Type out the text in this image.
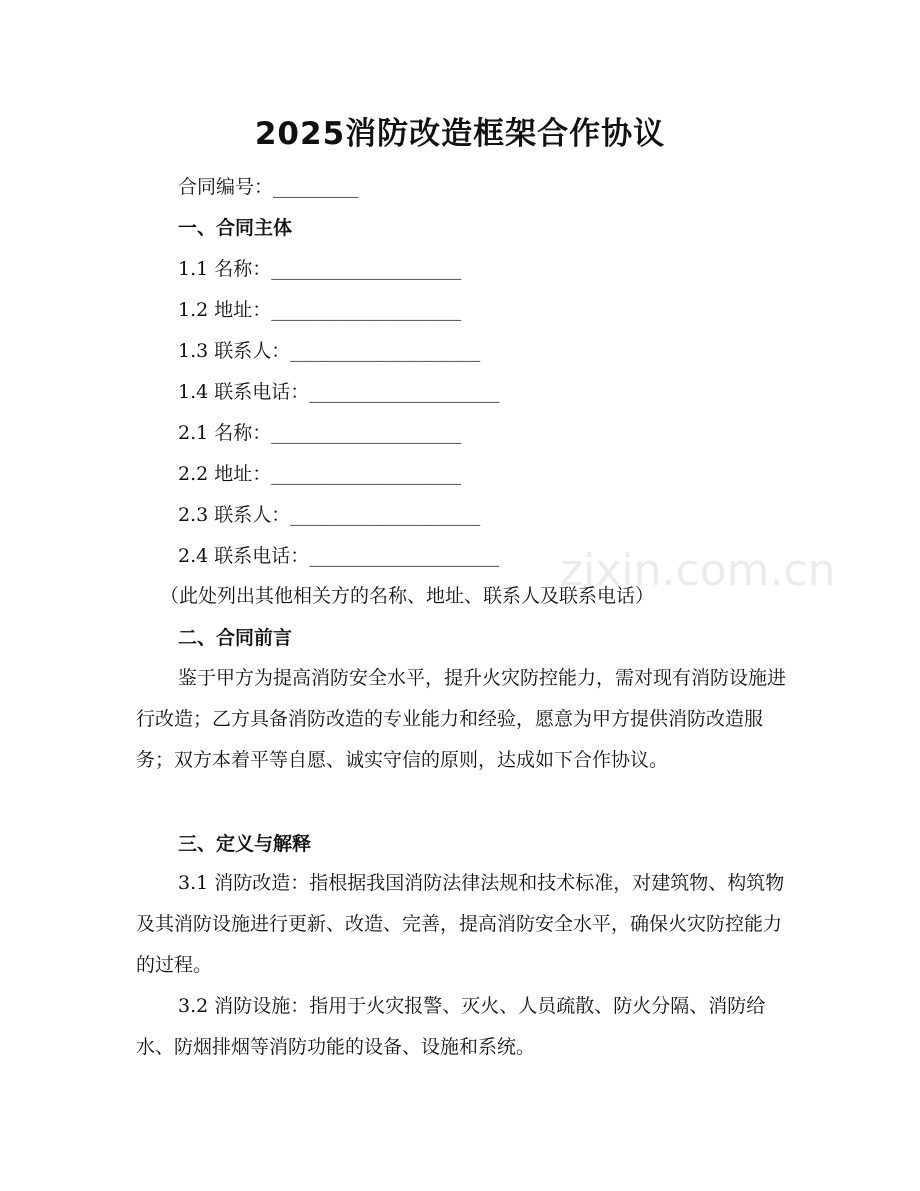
2025消防改造框架合作协议
合同编号：_________
一、合同主体
1.1 名称：____________________
1.2 地址：____________________
1.3 联系人：____________________
1.4 联系电话：____________________
2.1 名称：____________________
2.2 地址：____________________
2.3 联系人：____________________
2.4 联系电话：____________________
（此处列出其他相关方的名称、地址、联系人及联系电话）
二、合同前言
鉴于甲方为提高消防安全水平，提升火灾防控能力，需对现有消防设施进行改造；乙方具备消防改造的专业能力和经验，愿意为甲方提供消防改造服务；双方本着平等自愿、诚实守信的原则，达成如下合作协议。
三、定义与解释
3.1 消防改造：指根据我国消防法律法规和技术标准，对建筑物、构筑物及其消防设施进行更新、改造、完善，提高消防安全水平，确保火灾防控能力的过程。
3.2 消防设施：指用于火灾报警、灭火、人员疏散、防火分隔、消防给水、防烟排烟等消防功能的设备、设施和系统。
zixin.com.cn
